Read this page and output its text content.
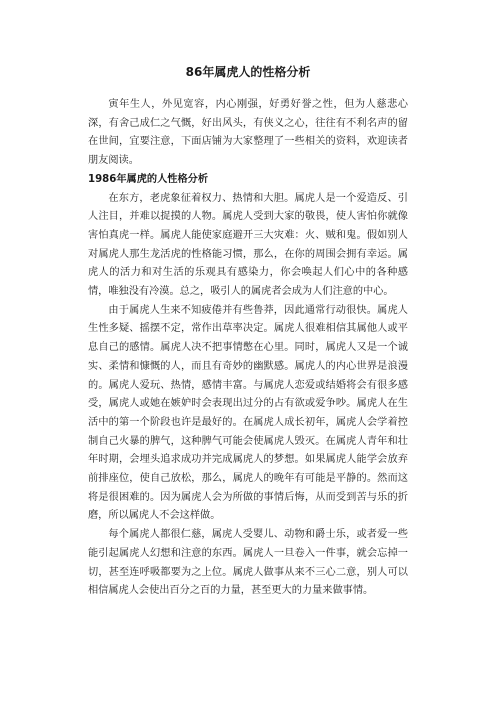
86年属虎人的性格分析

寅年生人，外见宽容，内心刚强，好勇好誉之性，但为人慈悲心深，有舍己成仁之气慨，好出风头，有侠义之心，往往有不利名声的留在世间，宜要注意，下面店铺为大家整理了一些相关的资料，欢迎读者朋友阅读。

1986年属虎的人性格分析

在东方，老虎象征着权力、热情和大胆。属虎人是一个爱造反、引人注目，并难以捉摸的人物。属虎人受到大家的敬畏，使人害怕你就像害怕真虎一样。属虎人能使家庭避开三大灾难：火、贼和鬼。假如别人对属虎人那生龙活虎的性格能习惯，那么，在你的周围会拥有幸运。属虎人的活力和对生活的乐观具有感染力，你会唤起人们心中的各种感情，唯独没有冷漠。总之，吸引人的属虎者会成为人们注意的中心。

由于属虎人生来不知疲倦并有些鲁莽，因此通常行动很快。属虎人生性多疑、摇摆不定，常作出草率决定。属虎人很难相信其属他人或平息自己的感情。属虎人决不把事情憋在心里。同时，属虎人又是一个诚实、柔情和慷慨的人，而且有奇妙的幽默感。属虎人的内心世界是浪漫的。属虎人爱玩、热情，感情丰富。与属虎人恋爱或结婚将会有很多感受，属虎人或她在嫉妒时会表现出过分的占有欲或爱争吵。属虎人在生活中的第一个阶段也许是最好的。在属虎人成长初年，属虎人会学着控制自己火暴的脾气，这种脾气可能会使属虎人毁灭。在属虎人青年和壮年时期，会埋头追求成功并完成属虎人的梦想。如果属虎人能学会放弃前排座位，使自己放松，那么，属虎人的晚年有可能是平静的。然而这将是很困难的。因为属虎人会为所做的事情后悔，从而受到苦与乐的折磨，所以属虎人不会这样做。

每个属虎人都很仁慈，属虎人受婴儿、动物和爵士乐，或者爱一些能引起属虎人幻想和注意的东西。属虎人一旦卷入一件事，就会忘掉一切，甚至连呼吸都要为之上位。属虎人做事从来不三心二意，别人可以相信属虎人会使出百分之百的力量，甚至更大的力量来做事情。
